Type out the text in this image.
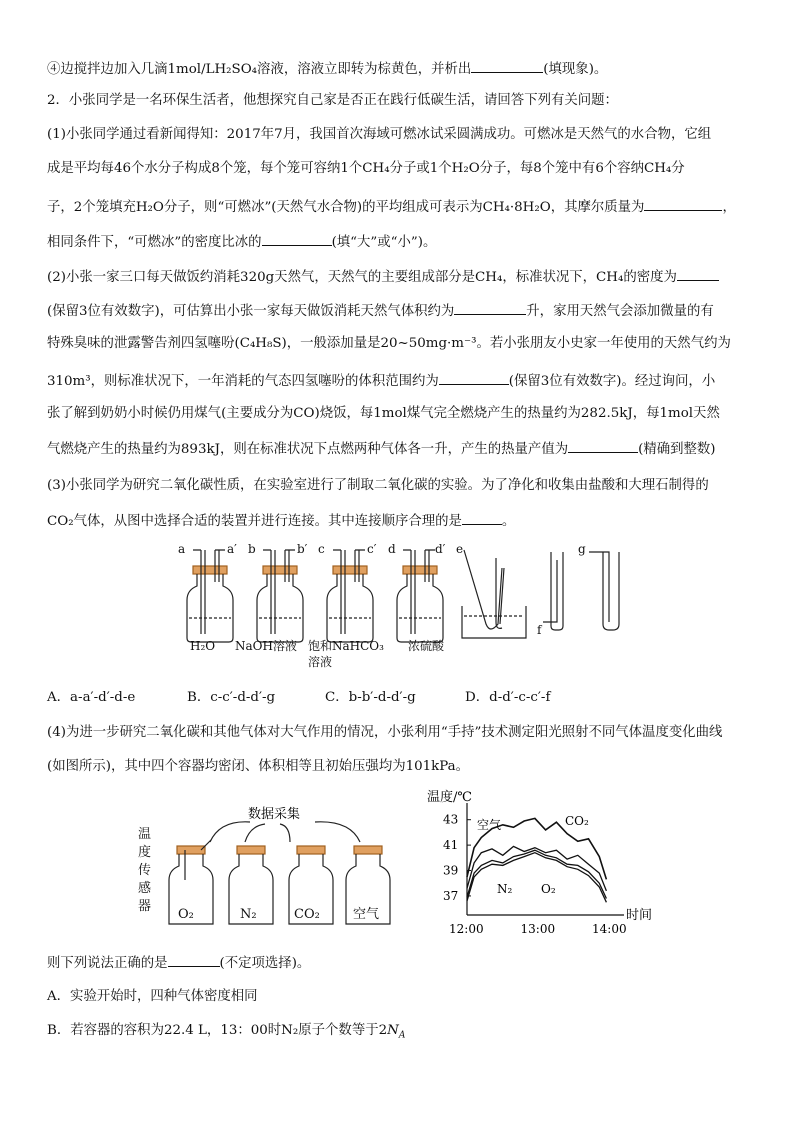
④边搅拌边加入几滴1mol/LH₂SO₄溶液，溶液立即转为棕黄色，并析出	(填现象)。
2．小张同学是一名环保生活者，他想探究自己家是否正在践行低碳生活，请回答下列有关问题：
(1)小张同学通过看新闻得知：2017年7月，我国首次海域可燃冰试采圆满成功。可燃冰是天然气的水合物，它组
成是平均每46个水分子构成8个笼，每个笼可容纳1个CH₄分子或1个H₂O分子，每8个笼中有6个容纳CH₄分
子，2个笼填充H₂O分子，则“可燃冰”(天然气水合物)的平均组成可表示为CH₄·8H₂O，其摩尔质量为	，
相同条件下，“可燃冰”的密度比冰的	(填“大”或“小”)。
(2)小张一家三口每天做饭约消耗320g天然气，天然气的主要组成部分是CH₄，标准状况下，CH₄的密度为
(保留3位有效数字)，可估算出小张一家每天做饭消耗天然气体积约为	升，家用天然气会添加微量的有
特殊臭味的泄露警告剂四氢噻吩(C₄H₈S)，一般添加量是20~50mg·m⁻³。若小张朋友小史家一年使用的天然气约为
310m³，则标准状况下，一年消耗的气态四氢噻吩的体积范围约为	(保留3位有效数字)。经过询问，小
张了解到奶奶小时候仍用煤气(主要成分为CO)烧饭，每1mol煤气完全燃烧产生的热量约为282.5kJ，每1mol天然
气燃烧产生的热量约为893kJ，则在标准状况下点燃两种气体各一升，产生的热量产值为	(精确到整数)
(3)小张同学为研究二氧化碳性质，在实验室进行了制取二氧化碳的实验。为了净化和收集由盐酸和大理石制得的
CO₂气体，从图中选择合适的装置并进行连接。其中连接顺序合理的是	。
a	a′ b	b′ c	c′ d	d′ e
f
g
H₂O NaOH溶液 饱和NaHCO₃
溶液
浓硫酸
A．a-a′-d′-d-e	B．c-c′-d-d′-g	C．b-b′-d-d′-g	D．d-d′-c-c′-f
(4)为进一步研究二氧化碳和其他气体对大气作用的情况，小张利用“手持”技术测定阳光照射不同气体温度变化曲线
(如图所示)，其中四个容器均密闭、体积相等且初始压强均为101kPa。
数据采集
温
度
传
感
器
O₂	N₂	CO₂	空气
温度/℃
时间
37
39
41
43
12:00	13:00	14:00
CO₂
空气
N₂ O₂
则下列说法正确的是	(不定项选择)。
A．实验开始时，四种气体密度相同
B．若容器的容积为22.4 L，13：00时N₂原子个数等于$2N_A$
